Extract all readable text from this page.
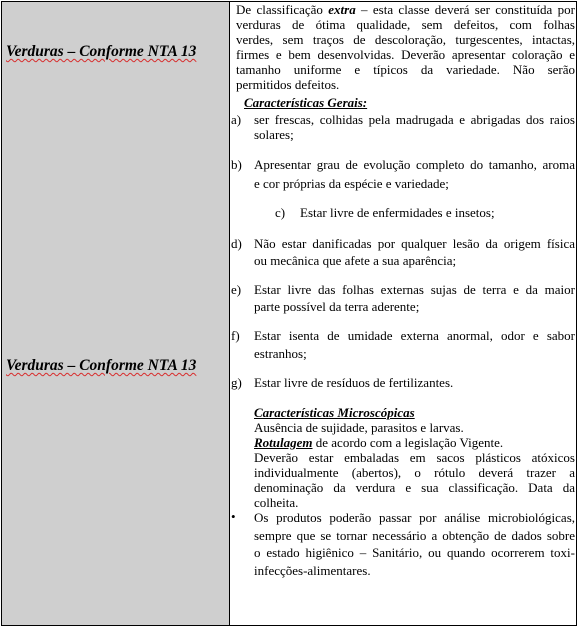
Verduras – Conforme NTA 13
Verduras – Conforme NTA 13
De classificação extra – esta classe deverá ser constituída por
verduras de ótima qualidade, sem defeitos, com folhas
verdes, sem traços de descoloração, turgescentes, intactas,
firmes e bem desenvolvidas. Deverão apresentar coloração e
tamanho uniforme e típicos da variedade. Não serão
permitidos defeitos.
Características Gerais:
a) ser frescas, colhidas pela madrugada e abrigadas dos raios
solares;
b) Apresentar grau de evolução completo do tamanho, aroma
e cor próprias da espécie e variedade;
c) Estar livre de enfermidades e insetos;
d) Não estar danificadas por qualquer lesão da origem física
ou mecânica que afete a sua aparência;
e) Estar livre das folhas externas sujas de terra e da maior
parte possível da terra aderente;
f) Estar isenta de umidade externa anormal, odor e sabor
estranhos;
g) Estar livre de resíduos de fertilizantes.
Características Microscópicas
Ausência de sujidade, parasitos e larvas.
Rotulagem de acordo com a legislação Vigente.
Deverão estar embaladas em sacos plásticos atóxicos
individualmente (abertos), o rótulo deverá trazer a
denominação da verdura e sua classificação. Data da
colheita.
• Os produtos poderão passar por análise microbiológicas,
sempre que se tornar necessário a obtenção de dados sobre
o estado higiênico – Sanitário, ou quando ocorrerem toxi-
infecções-alimentares.
